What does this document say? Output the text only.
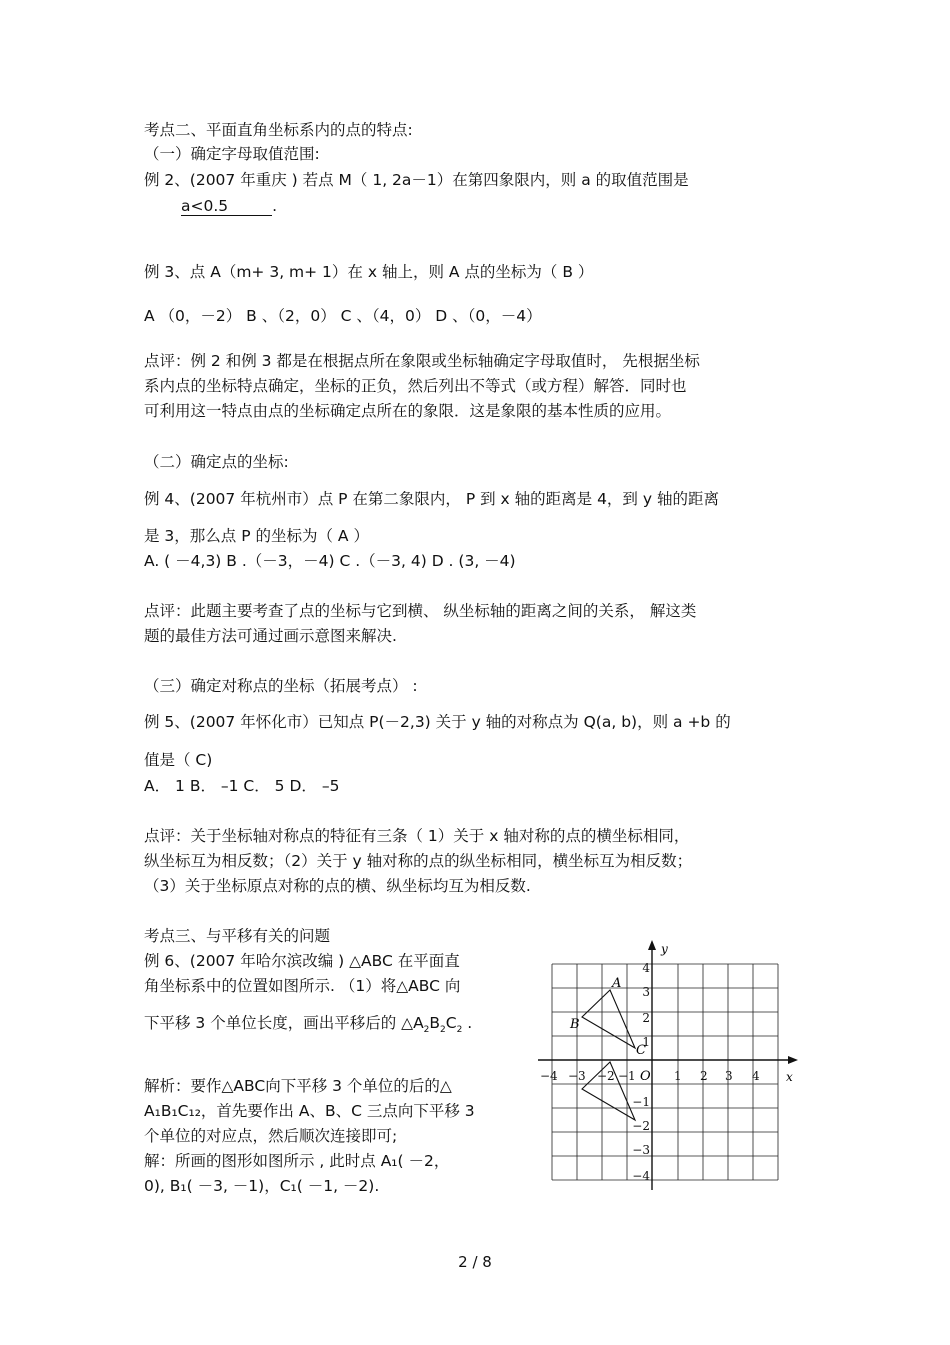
考点二、平面直角坐标系内的点的特点:
（一）确定字母取值范围:
例 2、(2007 年重庆 ) 若点 M（ 1, 2a－1）在第四象限内，则 a 的取值范围是
a<0.5	.
例 3、点 A（m+ 3, m+ 1）在 x 轴上，则 A 点的坐标为（ B ）
A （0，－2） B 、（2，0） C 、（4，0） D 、（0，－4）
点评：例 2 和例 3 都是在根据点所在象限或坐标轴确定字母取值时， 先根据坐标
系内点的坐标特点确定，坐标的正负，然后列出不等式（或方程）解答．同时也
可利用这一特点由点的坐标确定点所在的象限．这是象限的基本性质的应用。
（二）确定点的坐标:
例 4、(2007 年杭州市）点 P 在第二象限内， P 到 x 轴的距离是 4，到 y 轴的距离
是 3，那么点 P 的坐标为（ A ）
A. ( －4,3) B .（－3，－4) C .（－3, 4) D . (3, －4)
点评：此题主要考查了点的坐标与它到横、 纵坐标轴的距离之间的关系， 解这类
题的最佳方法可通过画示意图来解决.
（三）确定对称点的坐标（拓展考点） :
例 5、(2007 年怀化市）已知点 P(－2,3) 关于 y 轴的对称点为 Q(a, b)，则 a +b 的
值是（ C)
A． 1 B． –1 C． 5 D． –5
点评：关于坐标轴对称点的特征有三条（ 1）关于 x 轴对称的点的横坐标相同，
纵坐标互为相反数；（2）关于 y 轴对称的点的纵坐标相同，横坐标互为相反数；
（3）关于坐标原点对称的点的横、纵坐标均互为相反数.
考点三、与平移有关的问题
例 6、(2007 年哈尔滨改编 ) △ABC 在平面直
角坐标系中的位置如图所示. （1）将△ABC 向
下平移 3 个单位长度，画出平移后的 $\triangle A_2B_2C_2$ .
解析：要作△ABC向下平移 3 个单位的后的△
A₁B₁C₁₂，首先要作出 A、B、C 三点向下平移 3
个单位的对应点，然后顺次连接即可;
解：所画的图形如图所示 , 此时点 A₁( －2，
0), B₁( －3, －1)，C₁( －1, －2).
x
y
O
−4 −3 −2 −1	1 2 3 4
4
3
2
1
−1
−2
−3
−4
A
B
C
2 / 8
